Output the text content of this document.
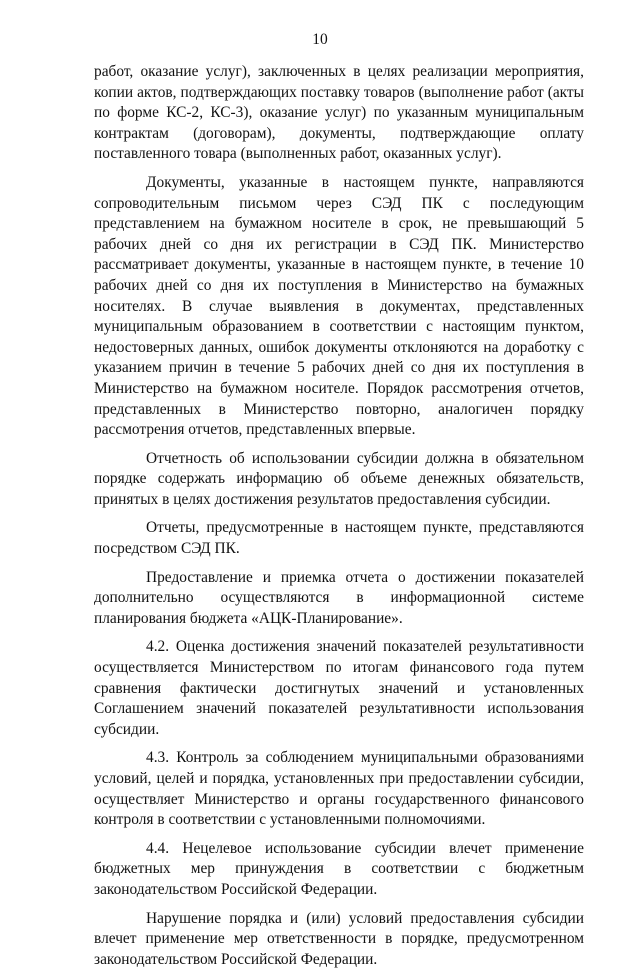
10

работ, оказание услуг), заключенных в целях реализации мероприятия, копии актов, подтверждающих поставку товаров (выполнение работ (акты по форме КС-2, КС-3), оказание услуг) по указанным муниципальным контрактам (договорам), документы, подтверждающие оплату поставленного товара (выполненных работ, оказанных услуг).

Документы, указанные в настоящем пункте, направляются сопроводительным письмом через СЭД ПК с последующим представлением на бумажном носителе в срок, не превышающий 5 рабочих дней со дня их регистрации в СЭД ПК. Министерство рассматривает документы, указанные в настоящем пункте, в течение 10 рабочих дней со дня их поступления в Министерство на бумажных носителях. В случае выявления в документах, представленных муниципальным образованием в соответствии с настоящим пунктом, недостоверных данных, ошибок документы отклоняются на доработку с указанием причин в течение 5 рабочих дней со дня их поступления в Министерство на бумажном носителе. Порядок рассмотрения отчетов, представленных в Министерство повторно, аналогичен порядку рассмотрения отчетов, представленных впервые.

Отчетность об использовании субсидии должна в обязательном порядке содержать информацию об объеме денежных обязательств, принятых в целях достижения результатов предоставления субсидии.

Отчеты, предусмотренные в настоящем пункте, представляются посредством СЭД ПК.

Предоставление и приемка отчета о достижении показателей дополнительно осуществляются в информационной системе планирования бюджета «АЦК-Планирование».

4.2. Оценка достижения значений показателей результативности осуществляется Министерством по итогам финансового года путем сравнения фактически достигнутых значений и установленных Соглашением значений показателей результативности использования субсидии.

4.3. Контроль за соблюдением муниципальными образованиями условий, целей и порядка, установленных при предоставлении субсидии, осуществляет Министерство и органы государственного финансового контроля в соответствии с установленными полномочиями.

4.4. Нецелевое использование субсидии влечет применение бюджетных мер принуждения в соответствии с бюджетным законодательством Российской Федерации.

Нарушение порядка и (или) условий предоставления субсидии влечет применение мер ответственности в порядке, предусмотренном законодательством Российской Федерации.
